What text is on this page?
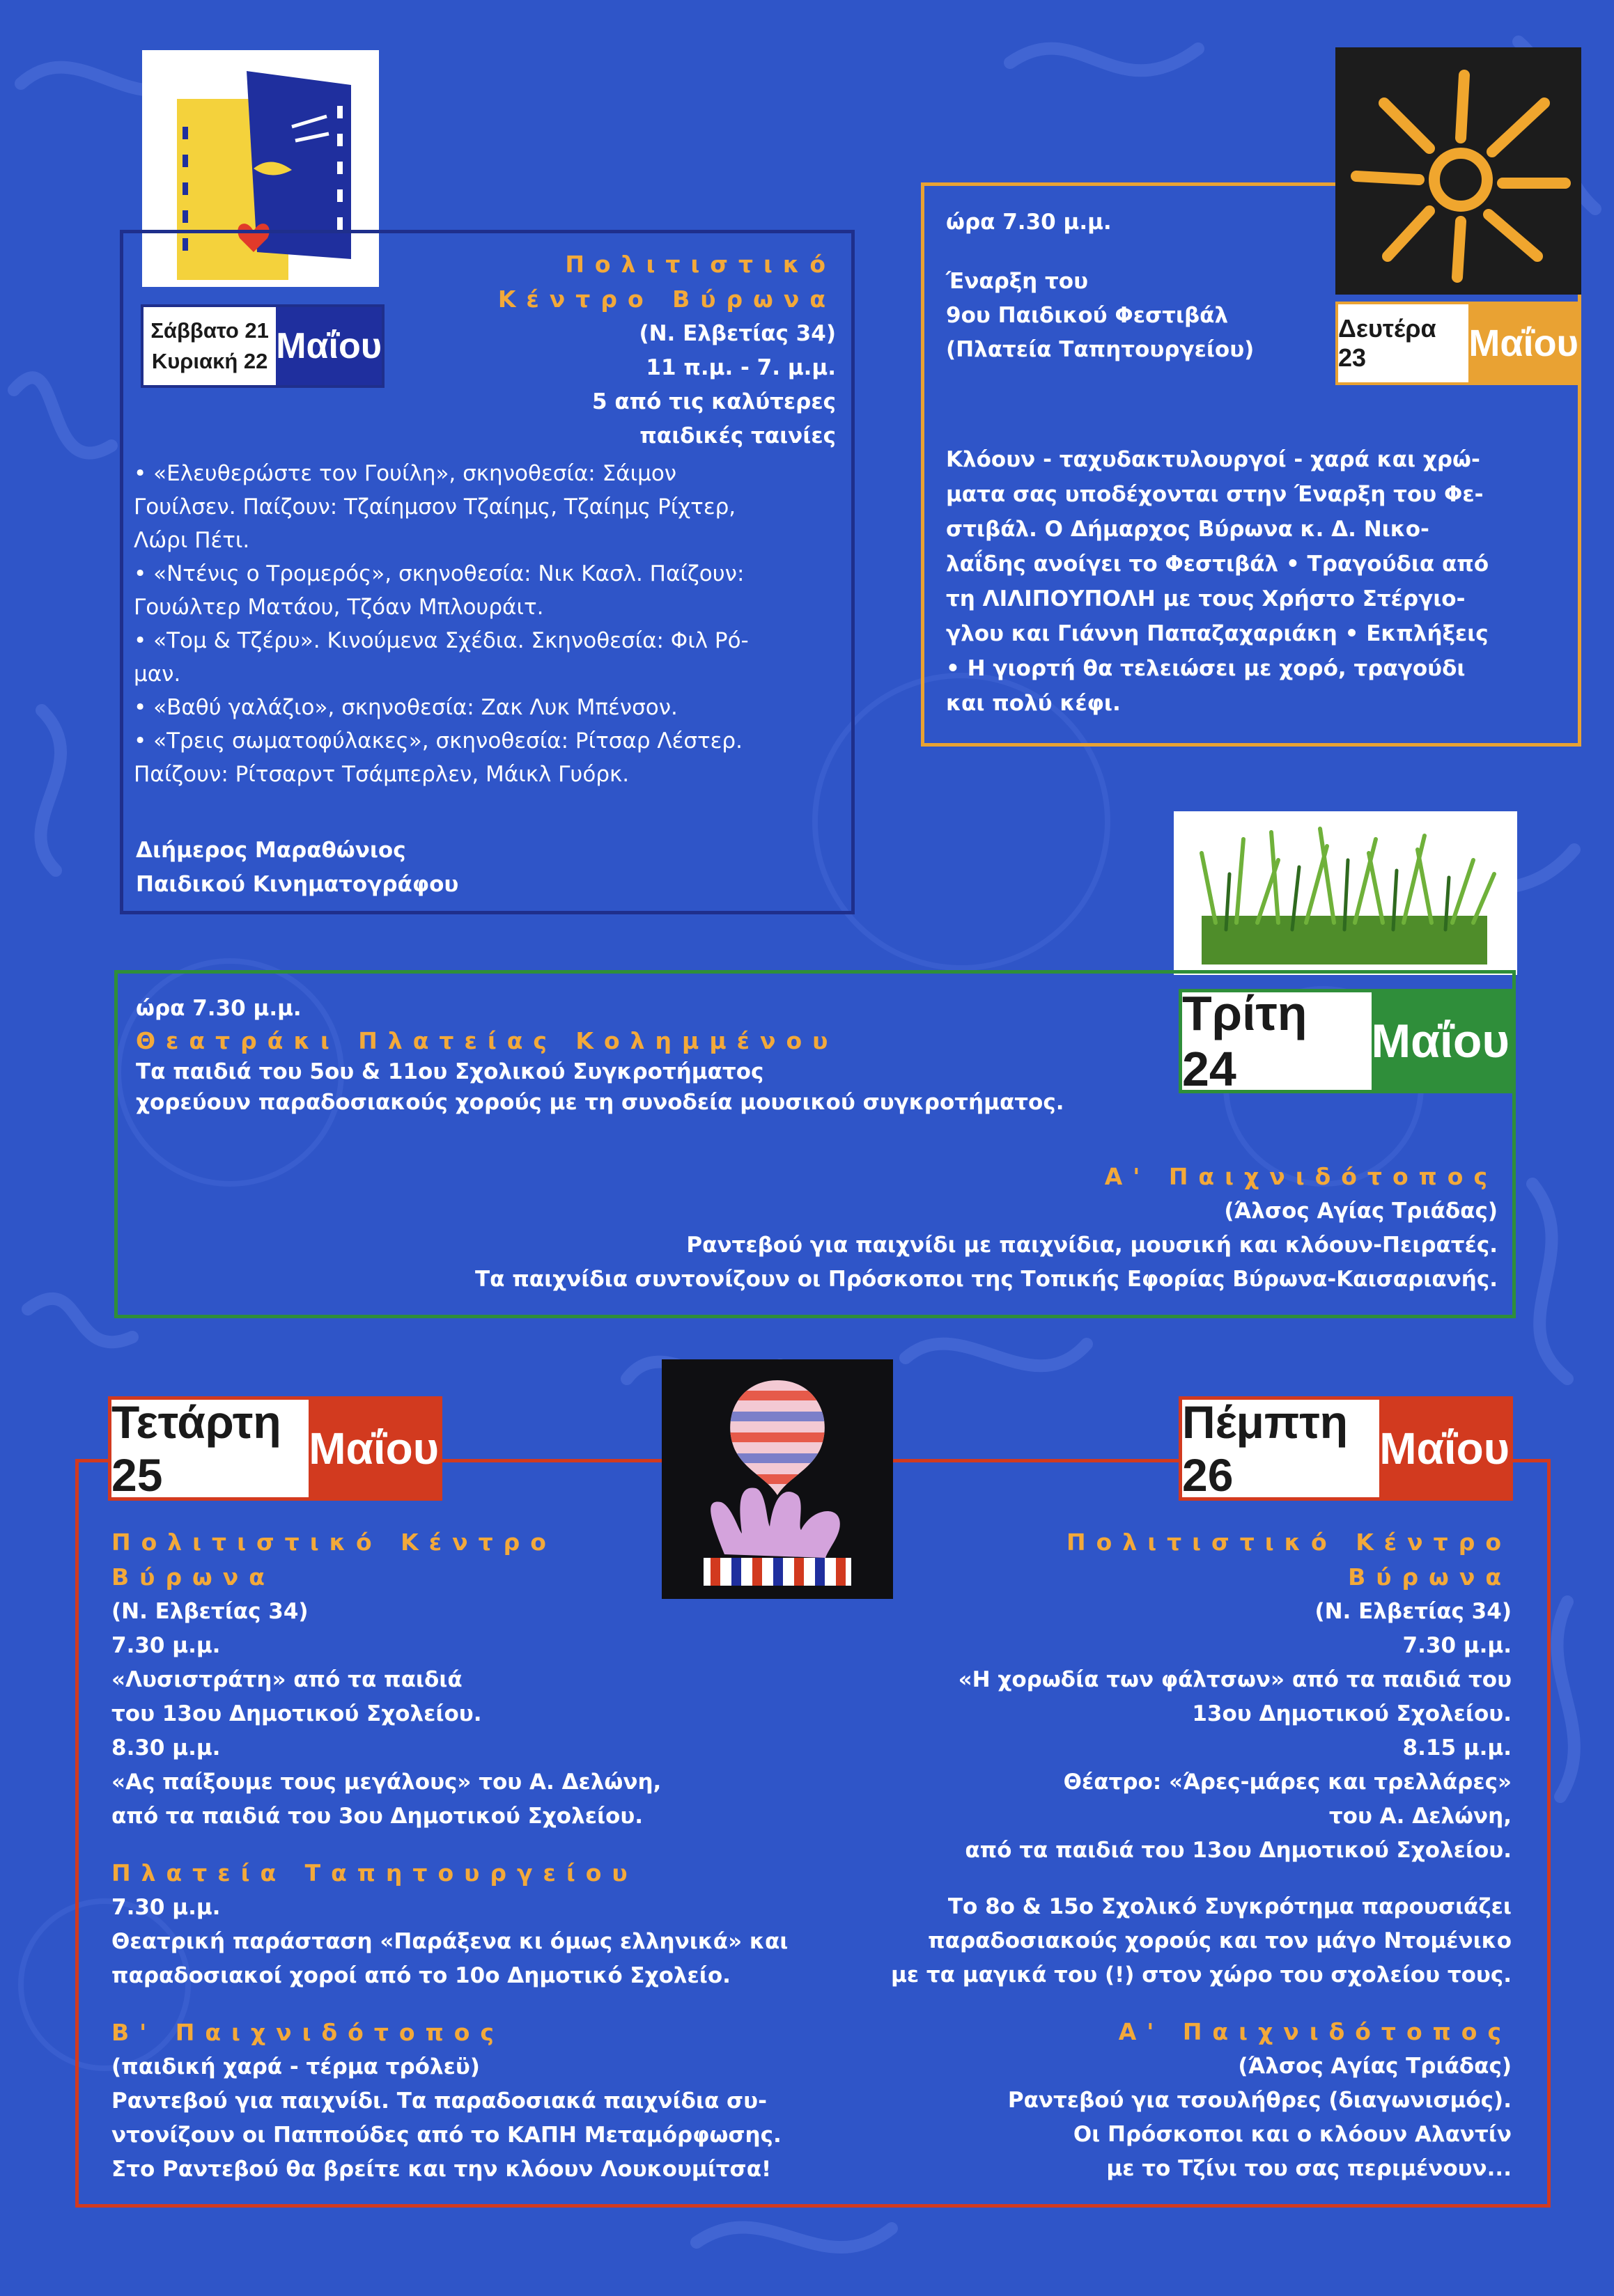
Σάββατο 21
Κυριακή 22 Μαΐου

Πολιτιστικό

Κέντρο Βύρωνα

(Ν. Ελβετίας 34)

11 π.μ. - 7. μ.μ.

5 από τις καλύτερες

παιδικές ταινίες

• «Ελευθερώστε τον Γουίλη», σκηνοθεσία: Σάιμον
Γουίλσεν. Παίζουν: Τζαίημσον Τζαίημς, Τζαίημς Ρίχτερ,
Λώρι Πέτι.

• «Ντένις ο Τρομερός», σκηνοθεσία: Νικ Κασλ. Παίζουν:
Γουώλτερ Ματάου, Τζόαν Μπλουράιτ.

• «Τομ & Τζέρυ». Κινούμενα Σχέδια. Σκηνοθεσία: Φιλ Ρό-
μαν.

• «Βαθύ γαλάζιο», σκηνοθεσία: Ζακ Λυκ Μπένσον.

• «Τρεις σωματοφύλακες», σκηνοθεσία: Ρίτσαρ Λέστερ.
Παίζουν: Ρίτσαρντ Τσάμπερλεν, Μάικλ Γυόρκ.

Διήμερος Μαραθώνιος

Παιδικού Κινηματογράφου

Δευτέρα 23	Μαΐου

ώρα 7.30 μ.μ.

Έναρξη του

9ου Παιδικού Φεστιβάλ

(Πλατεία Ταπητουργείου)

Κλόουν - ταχυδακτυλουργοί - χαρά και χρώ-

ματα σας υποδέχονται στην Έναρξη του Φε-

στιβάλ. Ο Δήμαρχος Βύρωνα κ. Δ. Νικο-

λαΐδης ανοίγει το Φεστιβάλ • Τραγούδια από

τη ΛΙΛΙΠΟΥΠΟΛΗ με τους Χρήστο Στέργιο-

γλου και Γιάννη Παπαζαχαριάκη • Εκπλήξεις

• Η γιορτή θα τελειώσει με χορό, τραγούδι

και πολύ κέφι.

Τρίτη 24
Μαΐου

ώρα 7.30 μ.μ.

Θεατράκι Πλατείας Κολημμένου

Τα παιδιά του 5ου & 11ου Σχολικού Συγκροτήματος

χορεύουν παραδοσιακούς χορούς με τη συνοδεία μουσικού συγκροτήματος.

Α' Παιχνιδότοπος

(Άλσος Αγίας Τριάδας)

Ραντεβού για παιχνίδι με παιχνίδια, μουσική και κλόουν-Πειρατές.

Τα παιχνίδια συντονίζουν οι Πρόσκοποι της Τοπικής Εφορίας Βύρωνα-Καισαριανής.

Τετάρτη 25
Μαΐου
Πέμπτη 26
Μαΐου

Πολιτιστικό Κέντρο

Βύρωνα

(Ν. Ελβετίας 34)

7.30 μ.μ.

«Λυσιστράτη» από τα παιδιά

του 13ου Δημοτικού Σχολείου.

8.30 μ.μ.

«Ας παίξουμε τους μεγάλους» του Α. Δελώνη,

από τα παιδιά του 3ου Δημοτικού Σχολείου.

Πλατεία Ταπητουργείου

7.30 μ.μ.

Θεατρική παράσταση «Παράξενα κι όμως ελληνικά» και

παραδοσιακοί χοροί από το 10ο Δημοτικό Σχολείο.

Β' Παιχνιδότοπος

(παιδική χαρά - τέρμα τρόλεϋ)

Ραντεβού για παιχνίδι. Τα παραδοσιακά παιχνίδια συ-

ντονίζουν οι Παππούδες από το ΚΑΠΗ Μεταμόρφωσης.

Στο Ραντεβού θα βρείτε και την κλόουν Λουκουμίτσα!

Πολιτιστικό Κέντρο

Βύρωνα

(Ν. Ελβετίας 34)

7.30 μ.μ.

«Η χορωδία των φάλτσων» από τα παιδιά του

13ου Δημοτικού Σχολείου.

8.15 μ.μ.

Θέατρο: «Άρες-μάρες και τρελλάρες»

του Α. Δελώνη,

από τα παιδιά του 13ου Δημοτικού Σχολείου.

Το 8ο & 15ο Σχολικό Συγκρότημα παρουσιάζει

παραδοσιακούς χορούς και τον μάγο Ντομένικο

με τα μαγικά του (!) στον χώρο του σχολείου τους.

Α' Παιχνιδότοπος

(Άλσος Αγίας Τριάδας)

Ραντεβού για τσουλήθρες (διαγωνισμός).

Οι Πρόσκοποι και ο κλόουν Αλαντίν

με το Τζίνι του σας περιμένουν...
